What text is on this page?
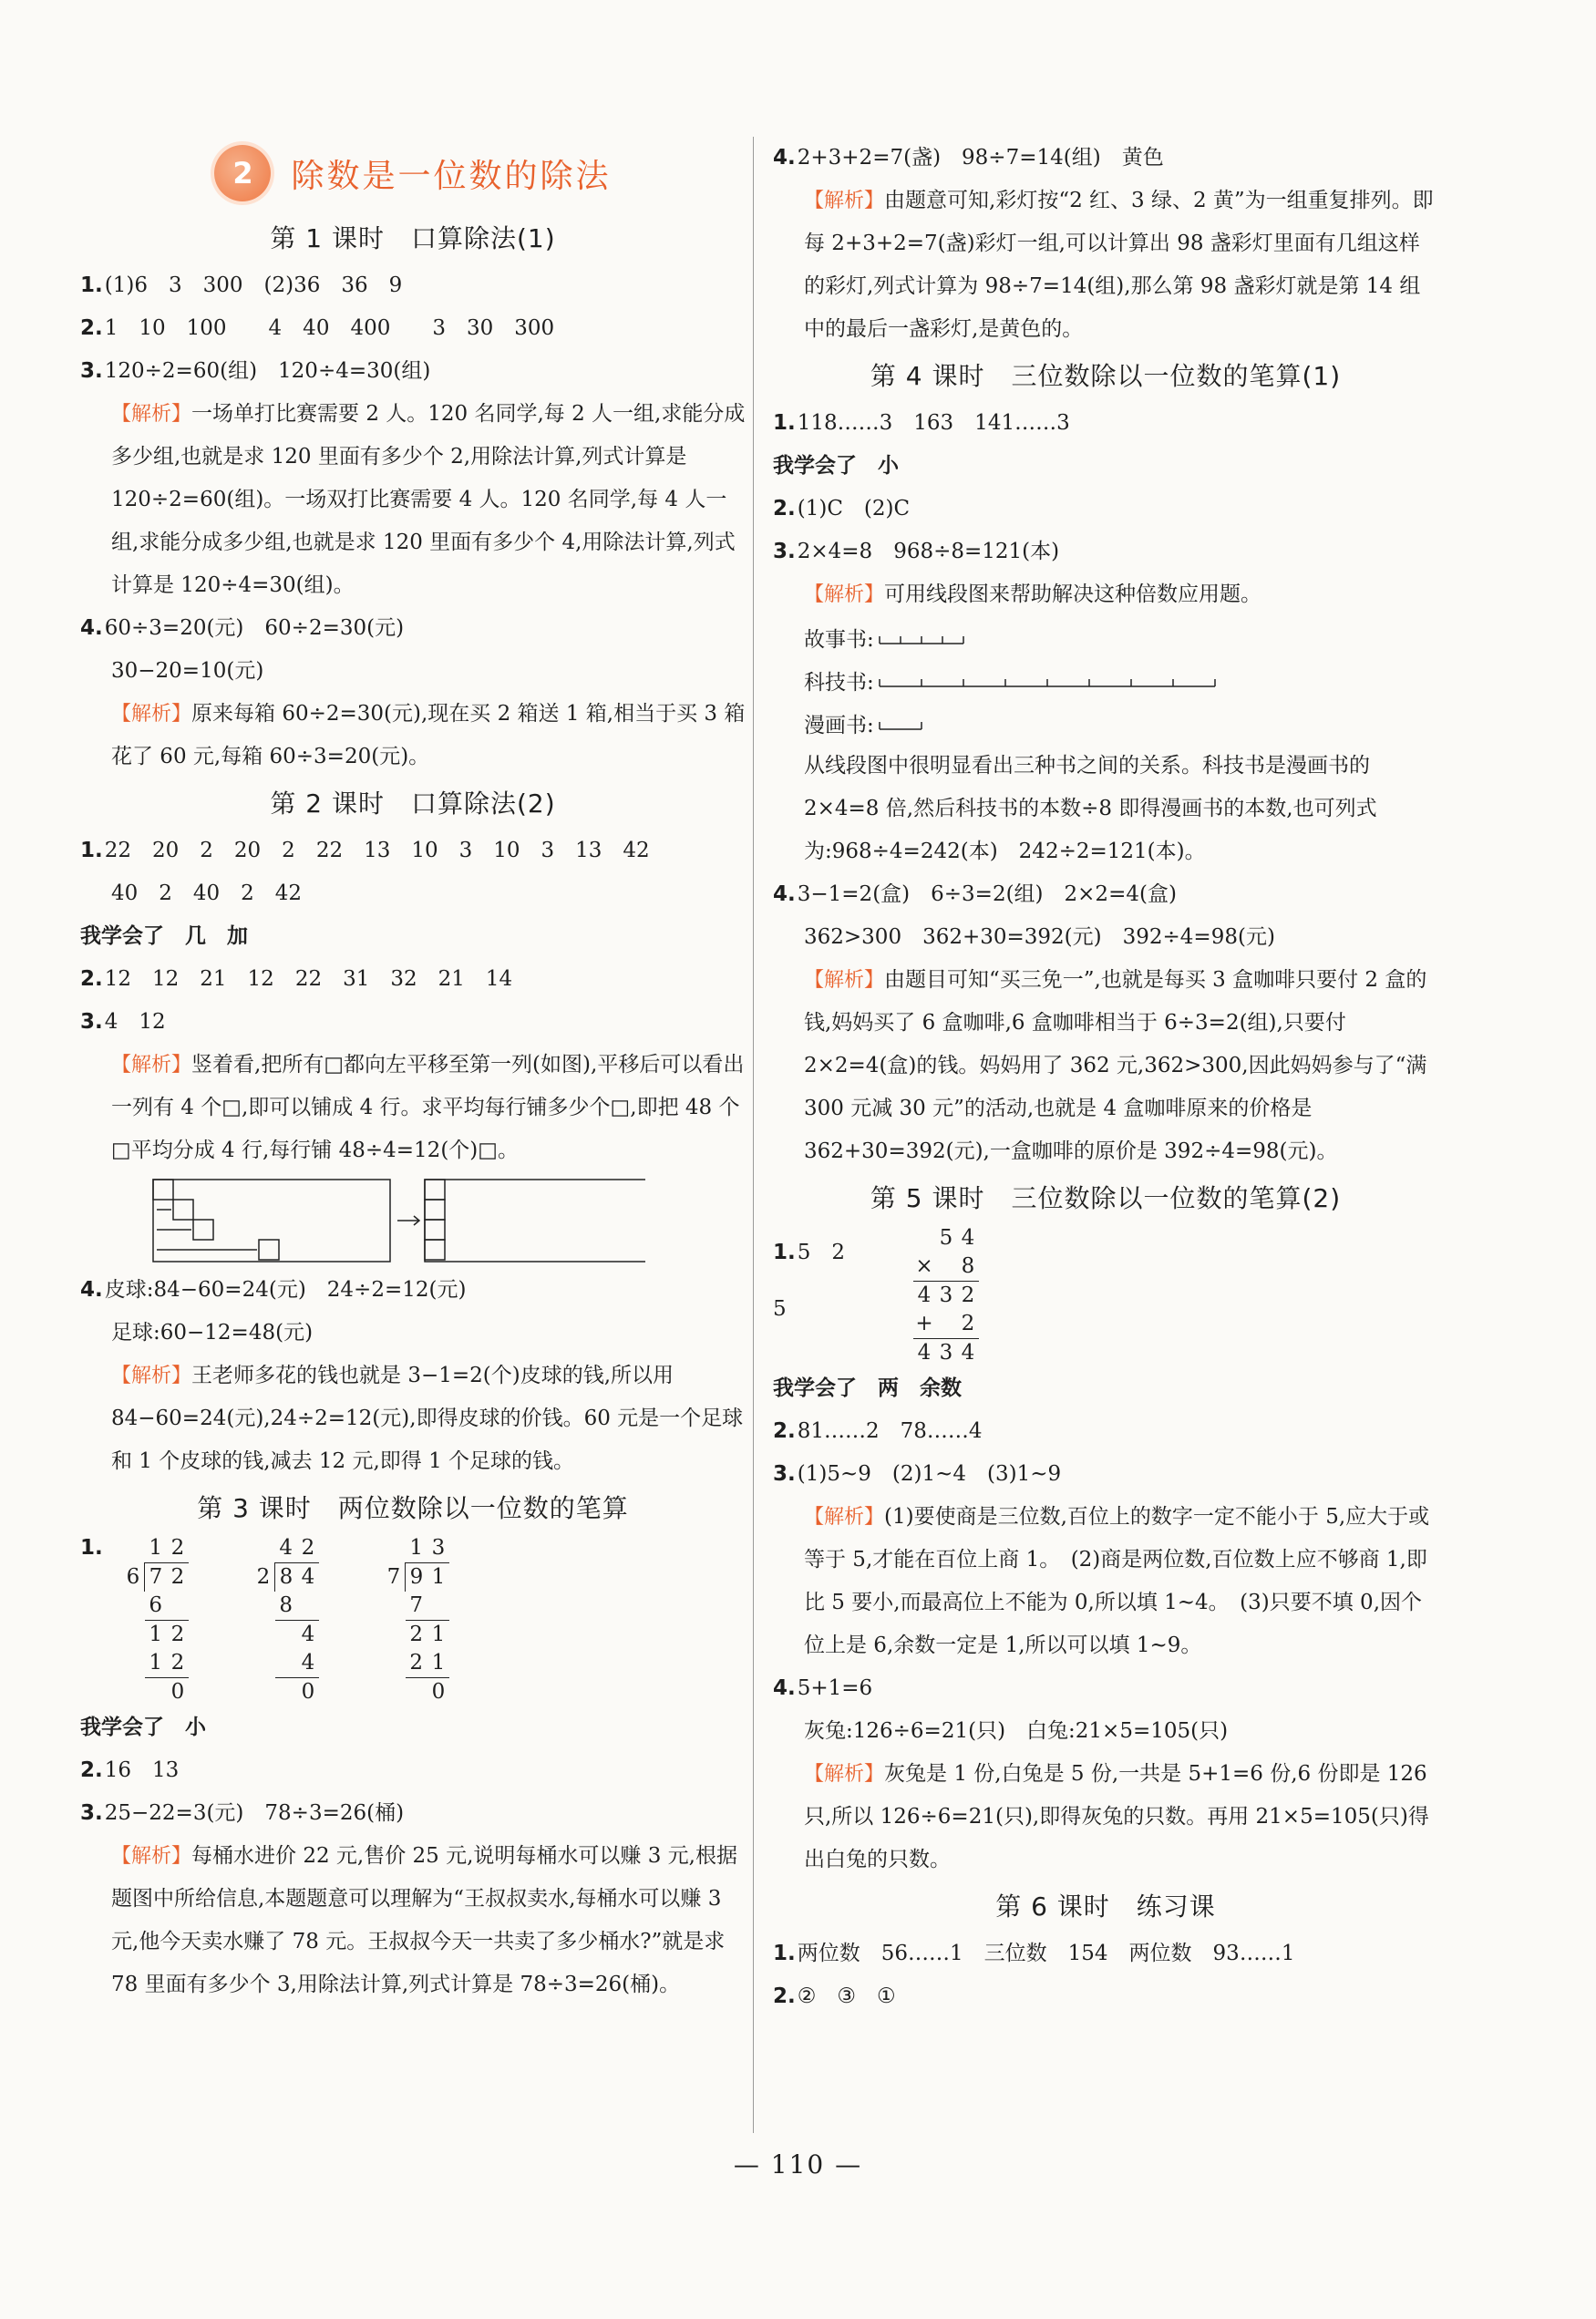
2	除数是一位数的除法
第 1 课时　口算除法(1)
1.(1)6　3　300　(2)36　36　9
2.1　10　100　　4　40　400　　3　30　300
3.120÷2=60(组)　120÷4=30(组)
【解析】一场单打比赛需要 2 人。120 名同学,每 2 人一组,求能分成多少组,也就是求 120 里面有多少个 2,用除法计算,列式计算是 120÷2=60(组)。一场双打比赛需要 4 人。120 名同学,每 4 人一组,求能分成多少组,也就是求 120 里面有多少个 4,用除法计算,列式计算是 120÷4=30(组)。
4.60÷3=20(元)　60÷2=30(元)
30−20=10(元)
【解析】原来每箱 60÷2=30(元),现在买 2 箱送 1 箱,相当于买 3 箱花了 60 元,每箱 60÷3=20(元)。
第 2 课时　口算除法(2)
1.22　20　2　20　2　22　13　10　3　10　3　13　42
40　2　40　2　42
我学会了　几　加
2.12　12　21　12　22　31　32　21　14
3.4　12
【解析】竖着看,把所有□都向左平移至第一列(如图),平移后可以看出一列有 4 个□,即可以铺成 4 行。求平均每行铺多少个□,即把 48 个□平均分成 4 行,每行铺 48÷4=12(个)□。
4.皮球:84−60=24(元)　24÷2=12(元)
足球:60−12=48(元)
【解析】王老师多花的钱也就是 3−1=2(个)皮球的钱,所以用 84−60=24(元),24÷2=12(元),即得皮球的价钱。60 元是一个足球和 1 个皮球的钱,减去 12 元,即得 1 个足球的钱。
第 3 课时　两位数除以一位数的笔算
1.
		1	2
6	7	2
	6	
	1	2
	1	2
		0
	4	2
2	8	4
	8	
		4
		4
		0
	1	3
7	9	1
	7	
	2	1
	2	1
		0
我学会了　小
2.16　13
3.25−22=3(元)　78÷3=26(桶)
【解析】每桶水进价 22 元,售价 25 元,说明每桶水可以赚 3 元,根据题图中所给信息,本题题意可以理解为“王叔叔卖水,每桶水可以赚 3 元,他今天卖水赚了 78 元。王叔叔今天一共卖了多少桶水?”就是求 78 里面有多少个 3,用除法计算,列式计算是 78÷3=26(桶)。
4.2+3+2=7(盏)　98÷7=14(组)　黄色
【解析】由题意可知,彩灯按“2 红、3 绿、2 黄”为一组重复排列。即每 2+3+2=7(盏)彩灯一组,可以计算出 98 盏彩灯里面有几组这样的彩灯,列式计算为 98÷7=14(组),那么第 98 盏彩灯就是第 14 组中的最后一盏彩灯,是黄色的。
第 4 课时　三位数除以一位数的笔算(1)
1.118……3　163　141……3
我学会了　小
2.(1)C　(2)C
3.2×4=8　968÷8=121(本)
【解析】可用线段图来帮助解决这种倍数应用题。
故事书:
科技书:
漫画书:
从线段图中很明显看出三种书之间的关系。科技书是漫画书的 2×4=8 倍,然后科技书的本数÷8 即得漫画书的本数,也可列式为:968÷4=242(本)　242÷2=121(本)。
4.3−1=2(盒)　6÷3=2(组)　2×2=4(盒)
362>300　362+30=392(元)　392÷4=98(元)
【解析】由题目可知“买三免一”,也就是每买 3 盒咖啡只要付 2 盒的钱,妈妈买了 6 盒咖啡,6 盒咖啡相当于 6÷3=2(组),只要付 2×2=4(盒)的钱。妈妈用了 362 元,362>300,因此妈妈参与了“满 300 元减 30 元”的活动,也就是 4 盒咖啡原来的价格是 362+30=392(元),一盒咖啡的原价是 392÷4=98(元)。
第 5 课时　三位数除以一位数的笔算(2)
1.5　2　5
	5	4
×		8
4	3	2
+		2
4	3	4
我学会了　两　余数
2.81……2　78……4
3.(1)5~9　(2)1~4　(3)1~9
【解析】(1)要使商是三位数,百位上的数字一定不能小于 5,应大于或等于 5,才能在百位上商 1。　(2)商是两位数,百位数上应不够商 1,即比 5 要小,而最高位上不能为 0,所以填 1~4。　(3)只要不填 0,因个位上是 6,余数一定是 1,所以可以填 1~9。
4.5+1=6
灰兔:126÷6=21(只)　白兔:21×5=105(只)
【解析】灰兔是 1 份,白兔是 5 份,一共是 5+1=6 份,6 份即是 126 只,所以 126÷6=21(只),即得灰兔的只数。再用 21×5=105(只)得出白兔的只数。
第 6 课时　练习课
1.两位数　56……1　三位数　154　两位数　93……1
2.②　③　①
— 110 —
